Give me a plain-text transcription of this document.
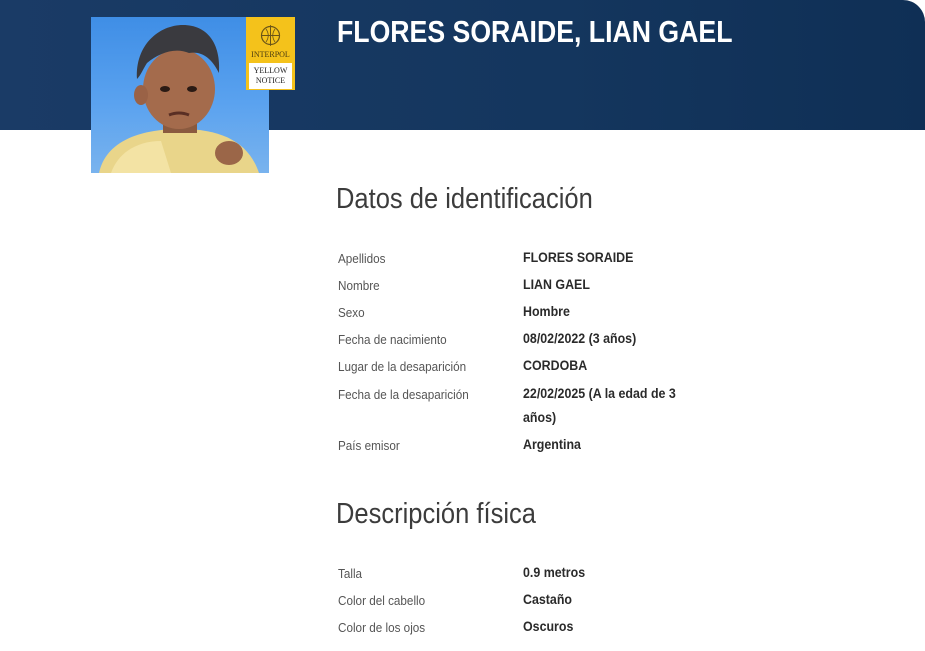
FLORES SORAIDE, LIAN GAEL
INTERPOL
YELLOW
NOTICE
Datos de identificación
Apellidos	FLORES SORAIDE
Nombre	LIAN GAEL
Sexo	Hombre
Fecha de nacimiento	08/02/2022 (3 años)
Lugar de la desaparición	CORDOBA
Fecha de la desaparición	22/02/2025 (A la edad de 3
años)
País emisor	Argentina
Descripción física
Talla	0.9 metros
Color del cabello	Castaño
Color de los ojos	Oscuros
